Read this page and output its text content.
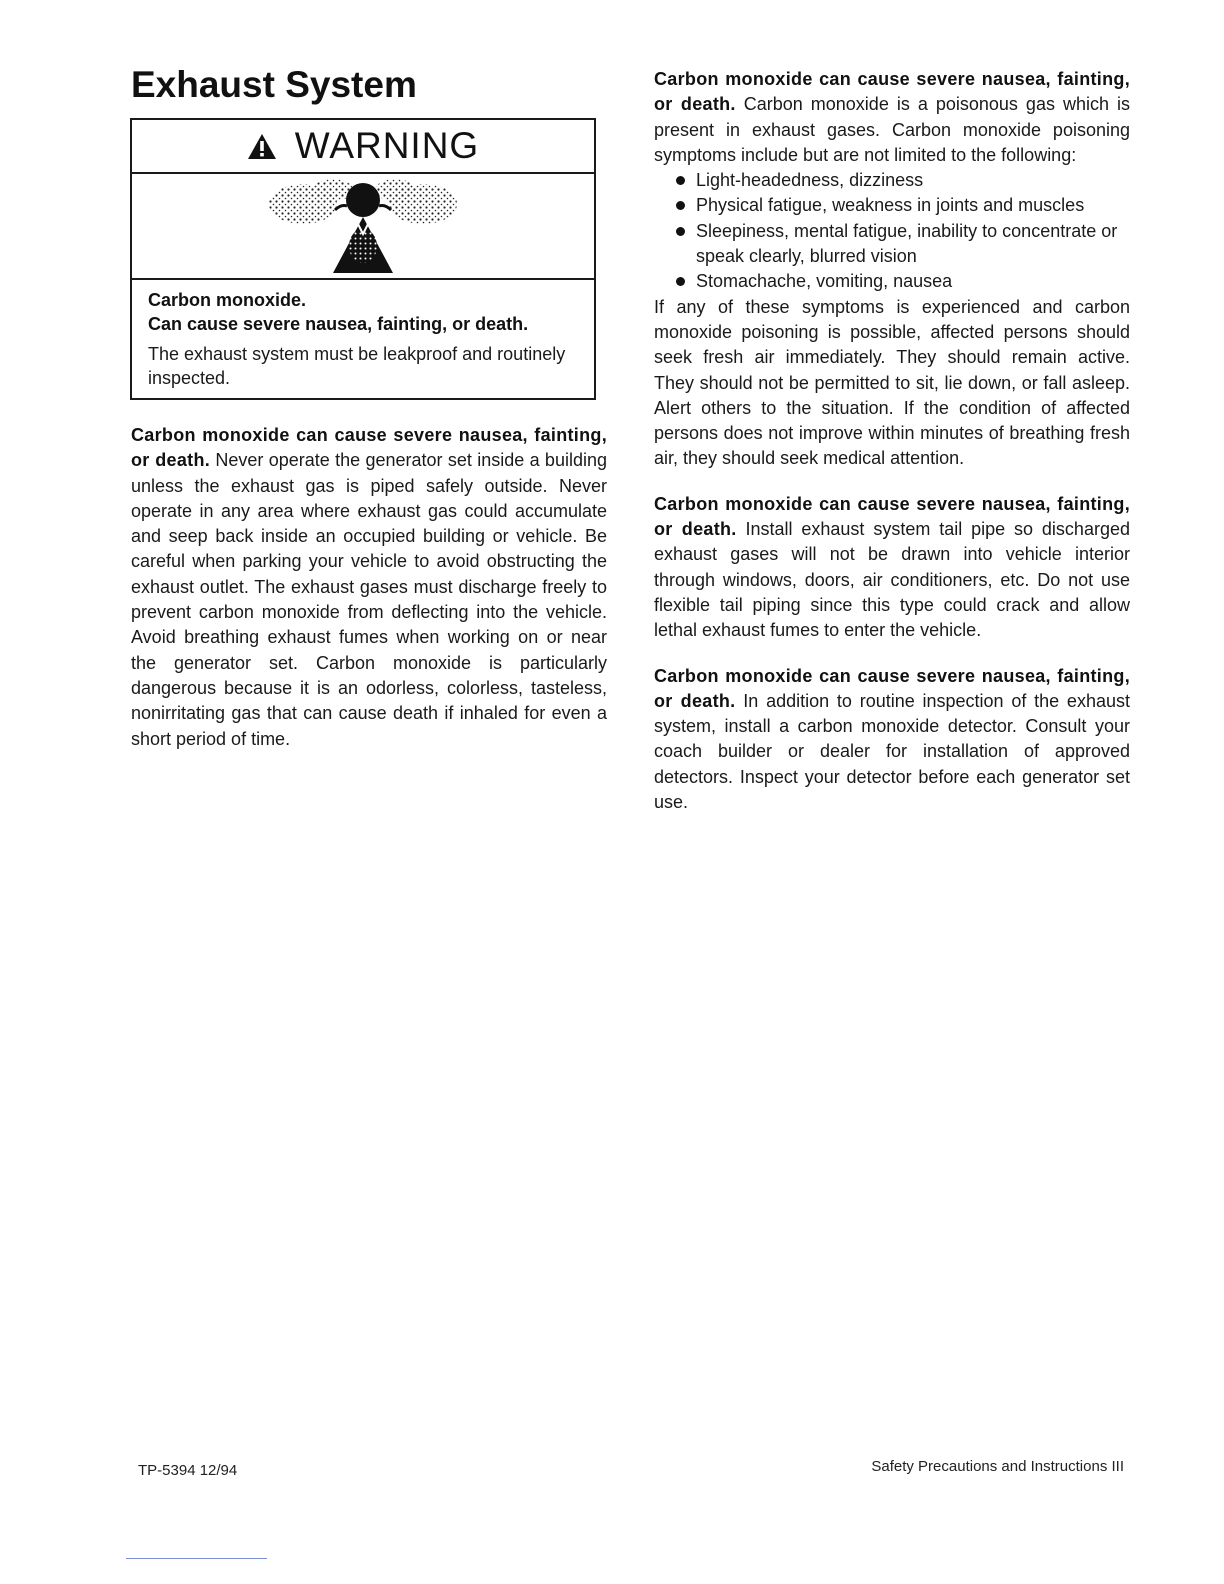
Exhaust System
WARNING
Carbon monoxide.
Can cause severe nausea, fainting, or death.
The exhaust system must be leakproof and routinely inspected.

Carbon monoxide can cause severe nausea, fainting, or death. Never operate the generator set inside a building unless the exhaust gas is piped safely outside. Never operate in any area where exhaust gas could accumulate and seep back inside an occupied building or vehicle. Be careful when parking your vehicle to avoid obstructing the exhaust outlet. The exhaust gases must discharge freely to prevent carbon monoxide from deflecting into the vehicle. Avoid breathing exhaust fumes when working on or near the generator set. Carbon monoxide is particularly dangerous because it is an odorless, colorless, tasteless, nonirritating gas that can cause death if inhaled for even a short period of time.

Carbon monoxide can cause severe nausea, fainting, or death. Carbon monoxide is a poisonous gas which is present in exhaust gases. Carbon monoxide poisoning symptoms include but are not limited to the following:

Light-headedness, dizziness
Physical fatigue, weakness in joints and muscles
Sleepiness, mental fatigue, inability to concentrate or speak clearly, blurred vision
Stomachache, vomiting, nausea

If any of these symptoms is experienced and carbon monoxide poisoning is possible, affected persons should seek fresh air immediately. They should remain active. They should not be permitted to sit, lie down, or fall asleep. Alert others to the situation. If the condition of affected persons does not improve within minutes of breathing fresh air, they should seek medical attention.

Carbon monoxide can cause severe nausea, fainting, or death. Install exhaust system tail pipe so discharged exhaust gases will not be drawn into vehicle interior through windows, doors, air conditioners, etc. Do not use flexible tail piping since this type could crack and allow lethal exhaust fumes to enter the vehicle.

Carbon monoxide can cause severe nausea, fainting, or death. In addition to routine inspection of the exhaust system, install a carbon monoxide detector. Consult your coach builder or dealer for installation of approved detectors. Inspect your detector before each generator set use.

TP-5394 12/94	Safety Precautions and Instructions III
